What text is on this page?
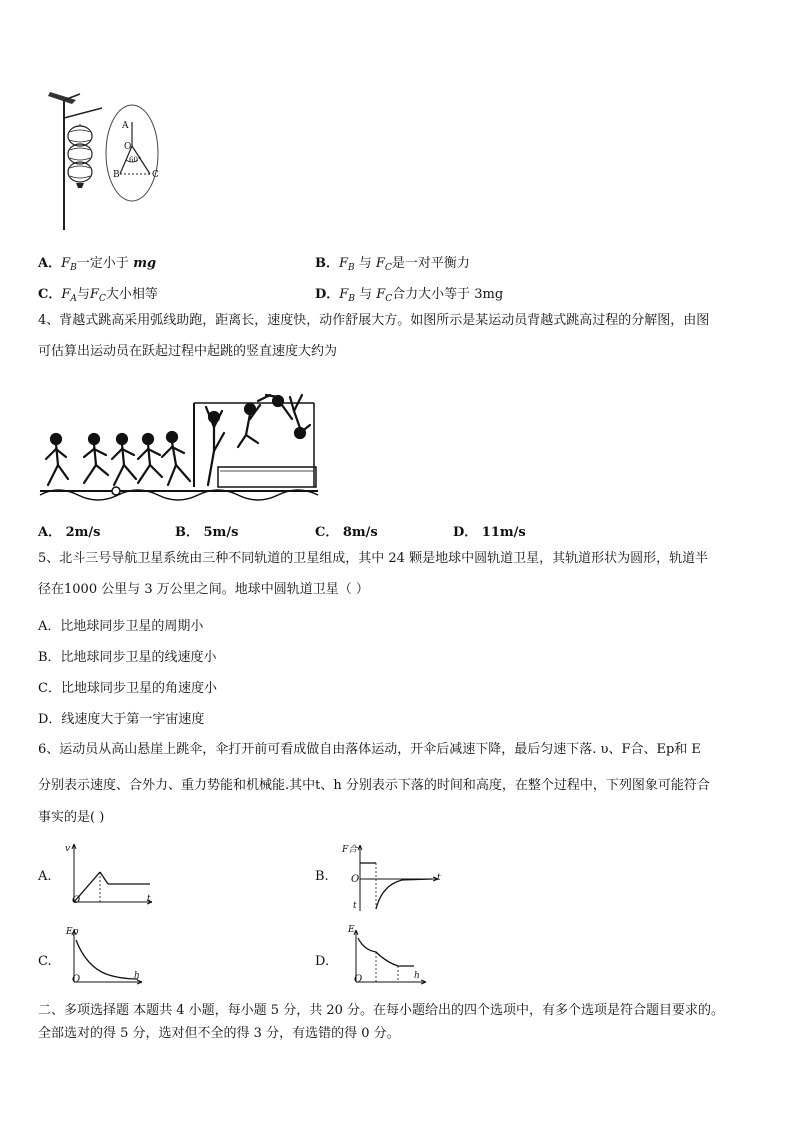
A
O
B	C
60°
A．$F_B$一定小于 mg	B．$F_B$ 与 $F_C$是一对平衡力
C．$F_A$与$F_C$大小相等	D．$F_B$ 与 $F_C$合力大小等于 3mg
4、背越式跳高采用弧线助跑，距离长，速度快，动作舒展大方。如图所示是某运动员背越式跳高过程的分解图，由图
可估算出运动员在跃起过程中起跳的竖直速度大约为
A． 2m/s	B． 5m/s	C． 8m/s	D． 11m/s
5、北斗三号导航卫星系统由三种不同轨道的卫星组成，其中 24 颗是地球中圆轨道卫星，其轨道形状为圆形，轨道半
径在1000 公里与 3 万公里之间。地球中圆轨道卫星（ ）
A．比地球同步卫星的周期小
B．比地球同步卫星的线速度小
C．比地球同步卫星的角速度小
D．线速度大于第一宇宙速度
6、运动员从高山悬崖上跳伞，伞打开前可看成做自由落体运动，开伞后减速下降，最后匀速下落. υ、F合、Ep和 E
分别表示速度、合外力、重力势能和机械能.其中t、h 分别表示下落的时间和高度，在整个过程中，下列图象可能符合
事实的是( )
A.
v
t
O
B.
F合
t
O
t
C.
Ep
h
O
D.
E
h
O
二、多项选择题 本题共 4 小题，每小题 5 分，共 20 分。在每小题给出的四个选项中，有多个选项是符合题目要求的。
全部选对的得 5 分，选对但不全的得 3 分，有选错的得 0 分。
